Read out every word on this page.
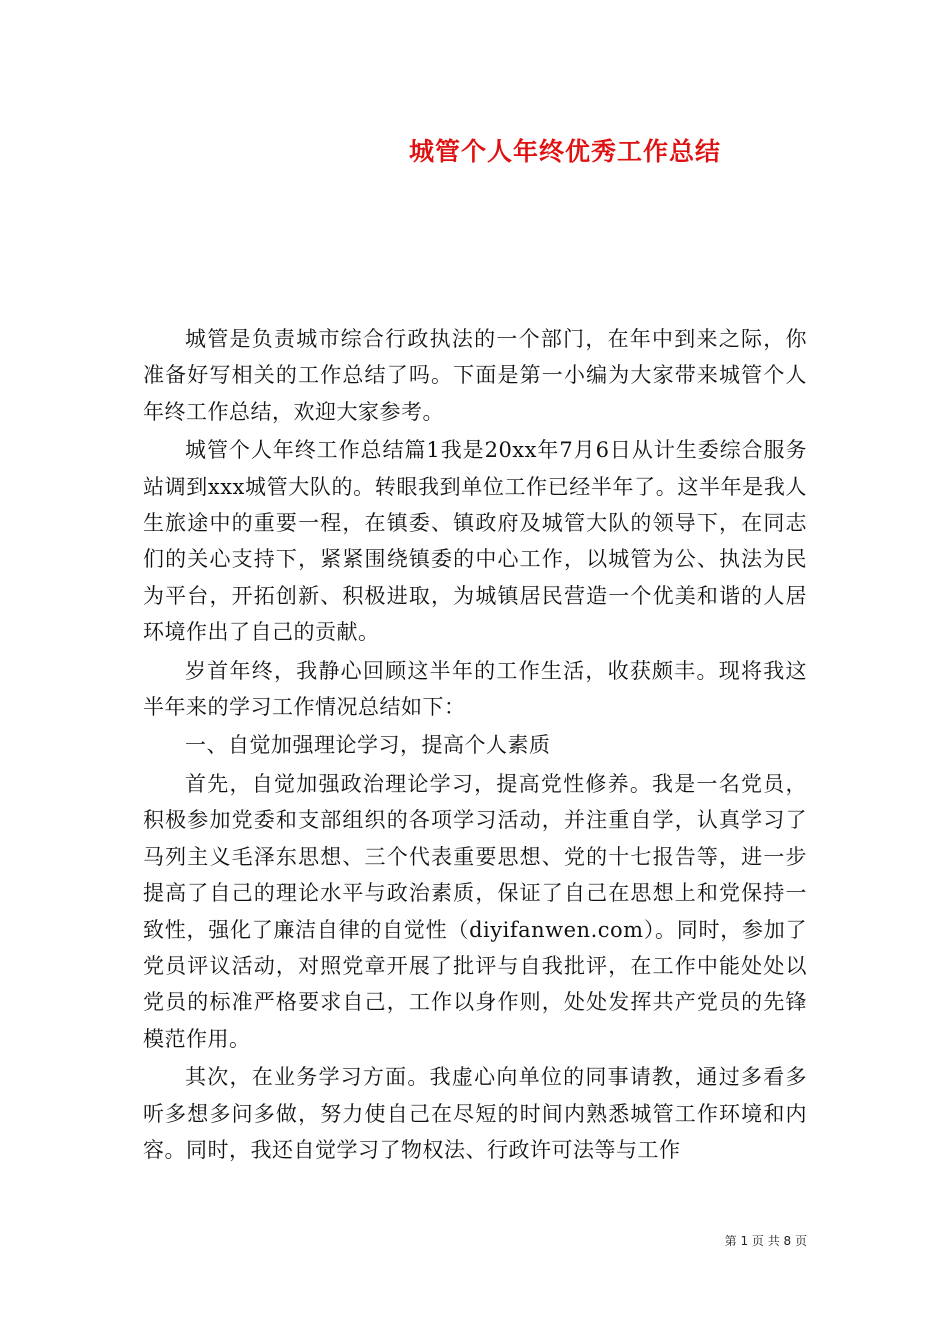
城管个人年终优秀工作总结

城管是负责城市综合行政执法的一个部门，在年中到来之际，你准备好写相关的工作总结了吗。下面是第一小编为大家带来城管个人年终工作总结，欢迎大家参考。

城管个人年终工作总结篇1我是20xx年7月6日从计生委综合服务站调到xxx城管大队的。转眼我到单位工作已经半年了。这半年是我人生旅途中的重要一程，在镇委、镇政府及城管大队的领导下，在同志们的关心支持下，紧紧围绕镇委的中心工作，以城管为公、执法为民为平台，开拓创新、积极进取，为城镇居民营造一个优美和谐的人居环境作出了自己的贡献。

岁首年终，我静心回顾这半年的工作生活，收获颇丰。现将我这半年来的学习工作情况总结如下：

一、自觉加强理论学习，提高个人素质

首先，自觉加强政治理论学习，提高党性修养。我是一名党员，积极参加党委和支部组织的各项学习活动，并注重自学，认真学习了马列主义毛泽东思想、三个代表重要思想、党的十七报告等，进一步提高了自己的理论水平与政治素质，保证了自己在思想上和党保持一致性，强化了廉洁自律的自觉性（diyifanwen.com）。同时，参加了党员评议活动，对照党章开展了批评与自我批评，在工作中能处处以党员的标准严格要求自己，工作以身作则，处处发挥共产党员的先锋模范作用。

其次，在业务学习方面。我虚心向单位的同事请教，通过多看多听多想多问多做，努力使自己在尽短的时间内熟悉城管工作环境和内容。同时，我还自觉学习了物权法、行政许可法等与工作

第 1 页 共 8 页
